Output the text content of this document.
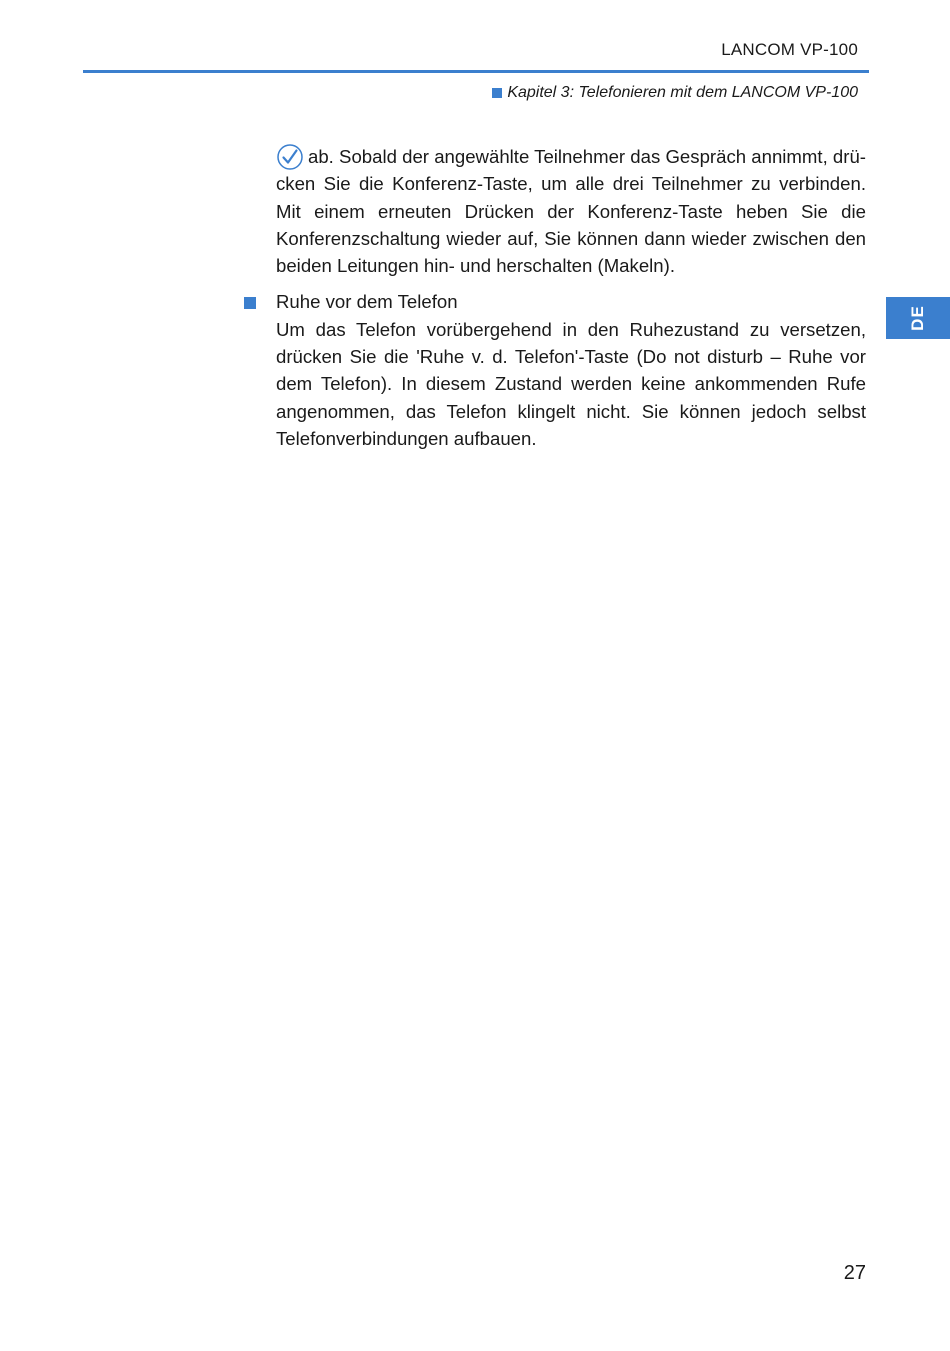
LANCOM VP-100
Kapitel 3: Telefonieren mit dem LANCOM VP-100

ab. Sobald der angewählte Teilnehmer das Gespräch annimmt, drücken Sie die Konferenz-Taste, um alle drei Teilnehmer zu verbinden. Mit einem erneuten Drücken der Konferenz-Taste heben Sie die Konferenzschaltung wieder auf, Sie können dann wieder zwischen den beiden Leitungen hin- und herschalten (Makeln).

Ruhe vor dem Telefon

Um das Telefon vorübergehend in den Ruhezustand zu versetzen, drücken Sie die 'Ruhe v. d. Telefon'-Taste (Do not disturb – Ruhe vor dem Telefon). In diesem Zustand werden keine ankommenden Rufe angenommen, das Telefon klingelt nicht. Sie können jedoch selbst Telefonverbindungen aufbauen.

DE
27
